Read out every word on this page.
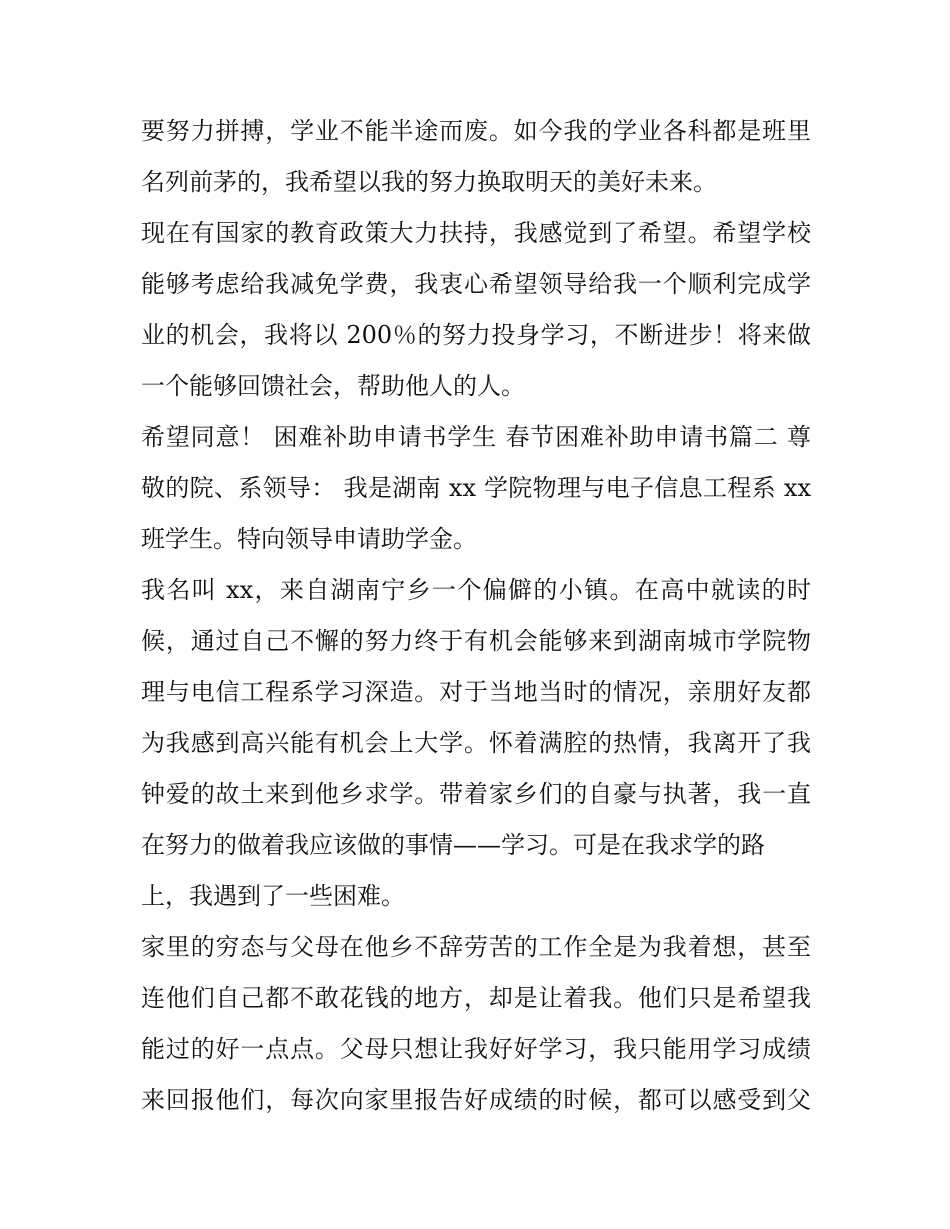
要努力拼搏，学业不能半途而废。如今我的学业各科都是班里
名列前茅的，我希望以我的努力换取明天的美好未来。
现在有国家的教育政策大力扶持，我感觉到了希望。希望学校
能够考虑给我减免学费，我衷心希望领导给我一个顺利完成学
业的机会，我将以 200％的努力投身学习，不断进步！将来做
一个能够回馈社会，帮助他人的人。
希望同意！ 困难补助申请书学生 春节困难补助申请书篇二 尊
敬的院、系领导： 我是湖南 xx 学院物理与电子信息工程系 xx
班学生。特向领导申请助学金。
我名叫 xx，来自湖南宁乡一个偏僻的小镇。在高中就读的时
候，通过自己不懈的努力终于有机会能够来到湖南城市学院物
理与电信工程系学习深造。对于当地当时的情况，亲朋好友都
为我感到高兴能有机会上大学。怀着满腔的热情，我离开了我
钟爱的故土来到他乡求学。带着家乡们的自豪与执著，我一直
在努力的做着我应该做的事情——学习。可是在我求学的路
上，我遇到了一些困难。
家里的穷态与父母在他乡不辞劳苦的工作全是为我着想，甚至
连他们自己都不敢花钱的地方，却是让着我。他们只是希望我
能过的好一点点。父母只想让我好好学习，我只能用学习成绩
来回报他们，每次向家里报告好成绩的时候，都可以感受到父
